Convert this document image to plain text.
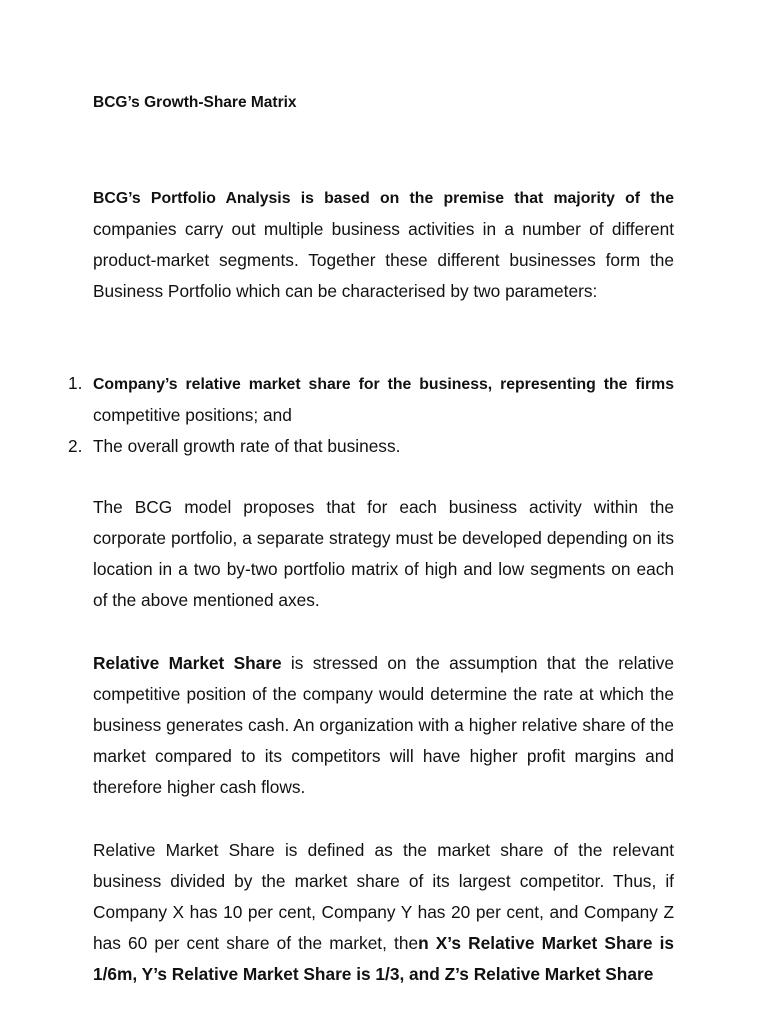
BCG’s Growth-Share Matrix

BCG’s Portfolio Analysis is based on the premise that majority of the companies carry out multiple business activities in a number of different product-market segments. Together these different businesses form the Business Portfolio which can be characterised by two parameters:

1. Company’s relative market share for the business, representing the firms competitive positions; and
2. The overall growth rate of that business.

The BCG model proposes that for each business activity within the corporate portfolio, a separate strategy must be developed depending on its location in a two by-two portfolio matrix of high and low segments on each of the above mentioned axes.

Relative Market Share is stressed on the assumption that the relative competitive position of the company would determine the rate at which the business generates cash. An organization with a higher relative share of the market compared to its competitors will have higher profit margins and therefore higher cash flows.

Relative Market Share is defined as the market share of the relevant business divided by the market share of its largest competitor. Thus, if Company X has 10 per cent, Company Y has 20 per cent, and Company Z has 60 per cent share of the market, then X’s Relative Market Share is 1/6m, Y’s Relative Market Share is 1/3, and Z’s Relative Market Share
